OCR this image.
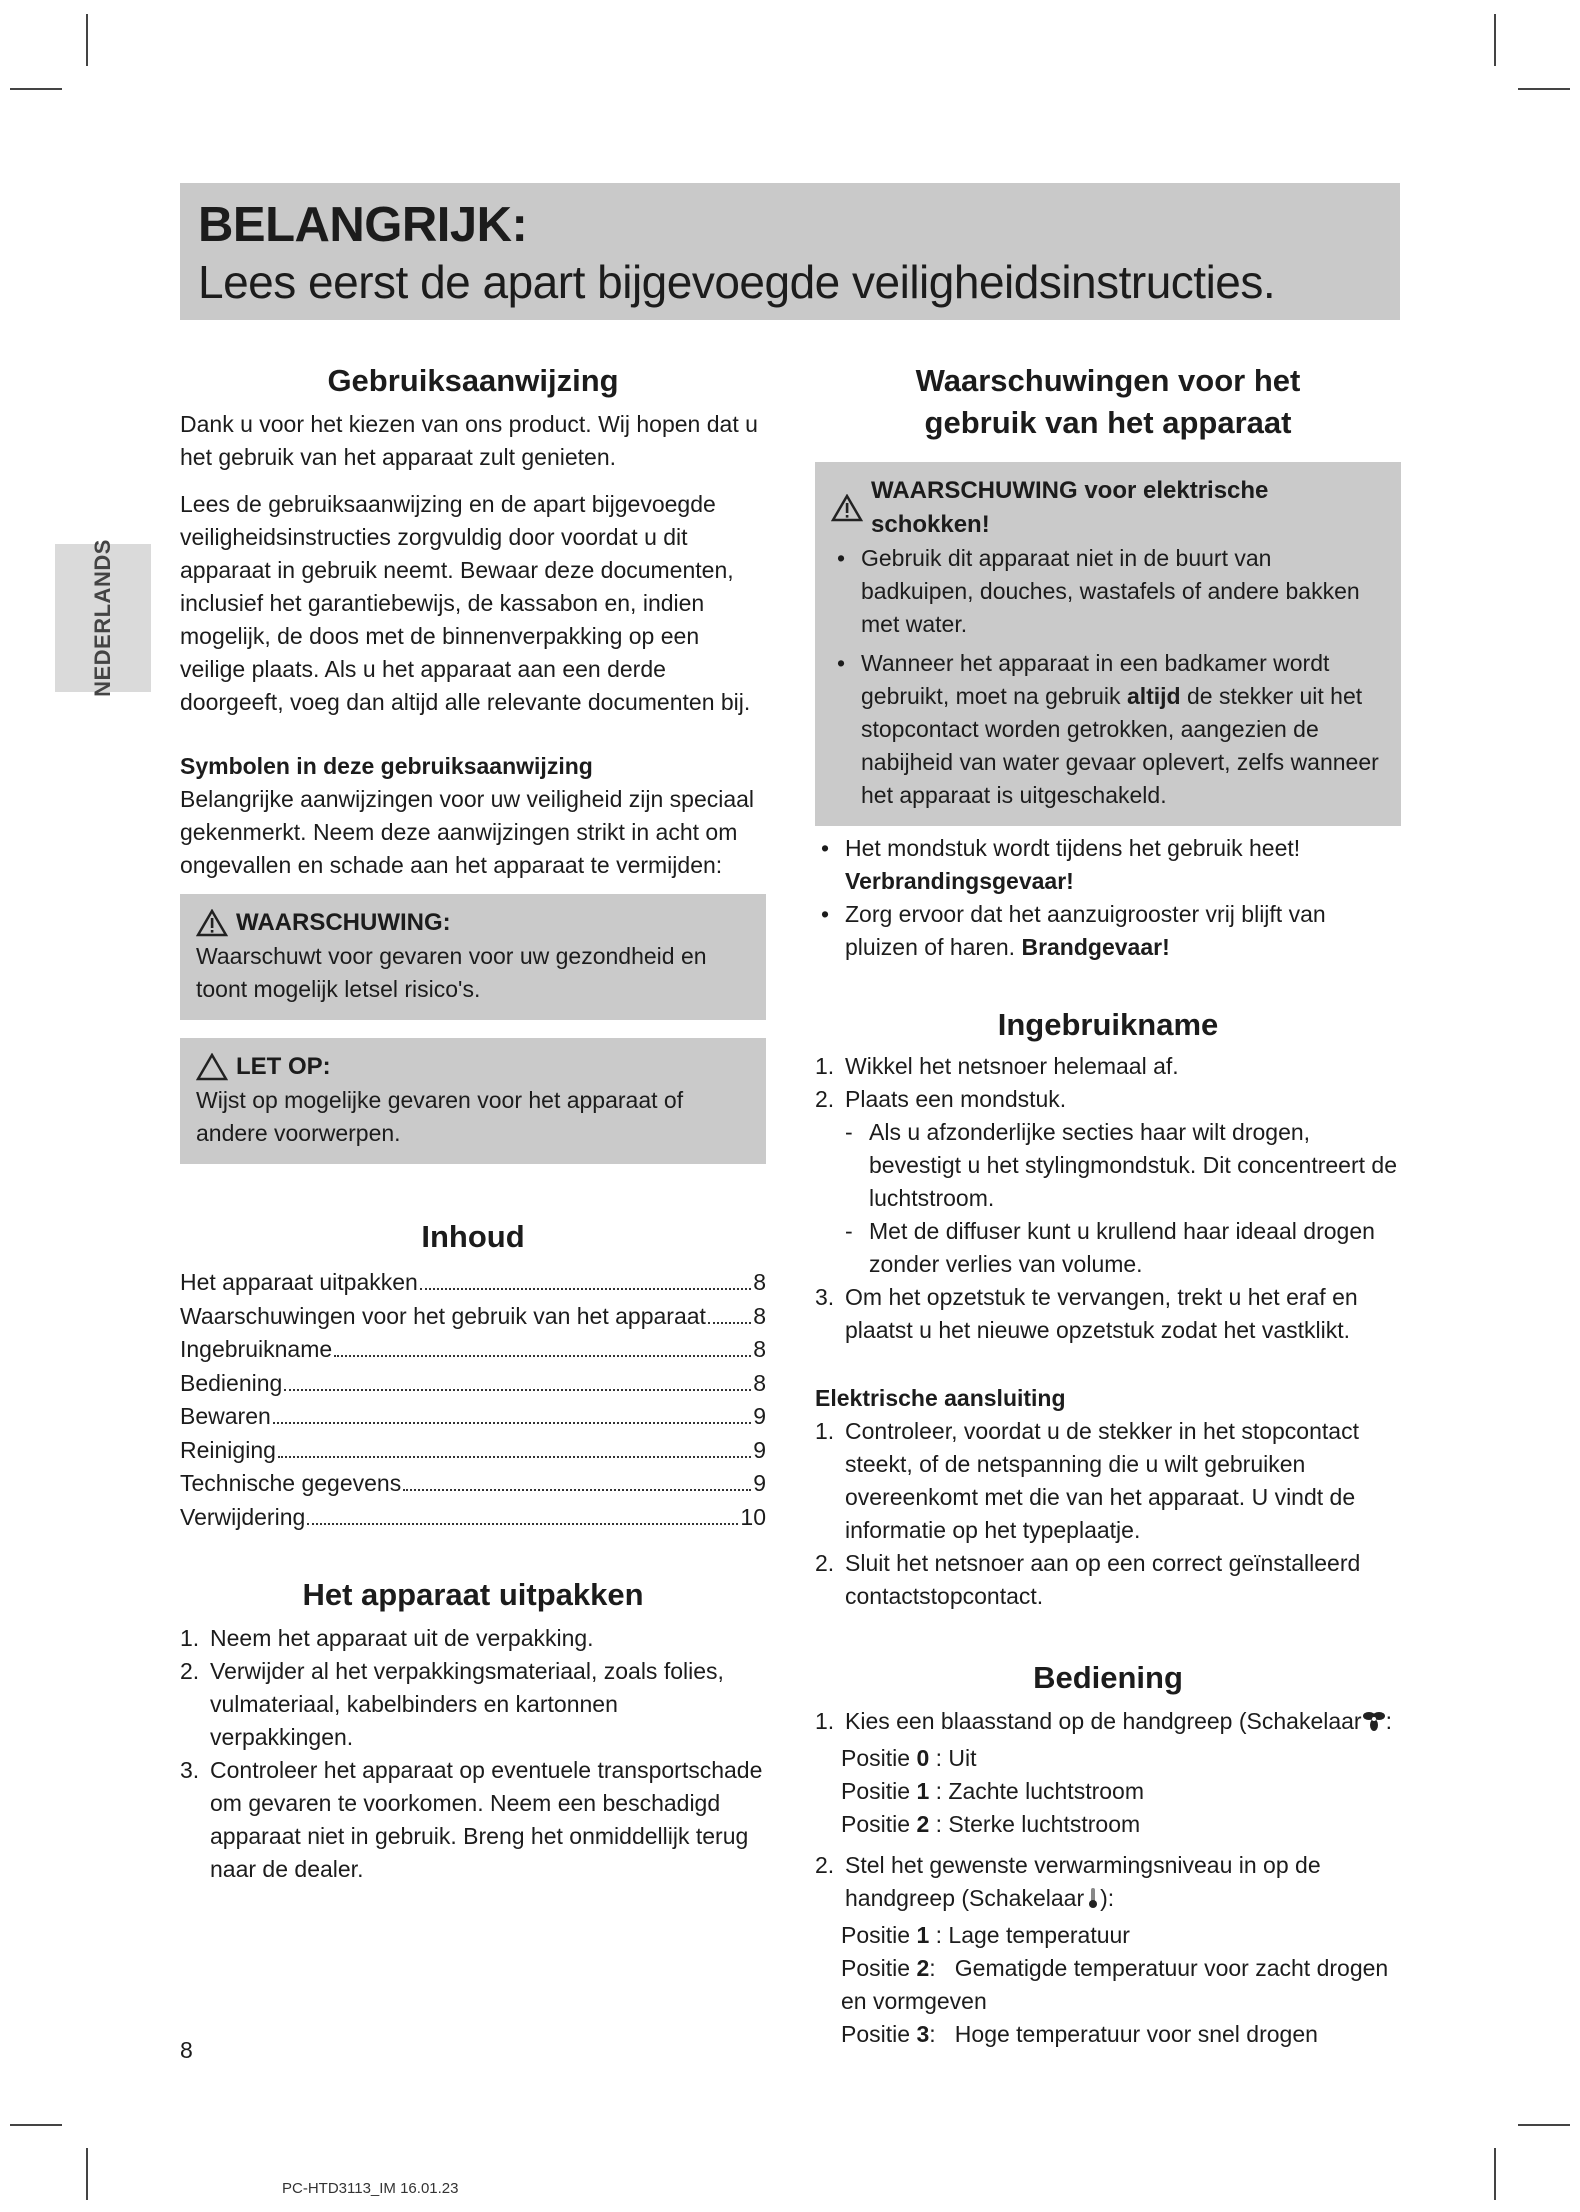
BELANGRIJK:
Lees eerst de apart bijgevoegde veiligheidsinstructies.
NEDERLANDS
Gebruiksaanwijzing

Dank u voor het kiezen van ons product. Wij hopen dat u het gebruik van het apparaat zult genieten.

Lees de gebruiksaanwijzing en de apart bijgevoegde veiligheidsinstructies zorgvuldig door voordat u dit apparaat in gebruik neemt. Bewaar deze documenten, inclusief het garantiebewijs, de kassabon en, indien mogelijk, de doos met de binnenverpakking op een veilige plaats. Als u het apparaat aan een derde doorgeeft, voeg dan altijd alle relevante documenten bij.

Symbolen in deze gebruiksaanwijzing

Belangrijke aanwijzingen voor uw veiligheid zijn speciaal gekenmerkt. Neem deze aanwijzingen strikt in acht om ongevallen en schade aan het apparaat te vermijden:

WAARSCHUWING:

Waarschuwt voor gevaren voor uw gezondheid en toont mogelijk letsel risico's.

LET OP:

Wijst op mogelijke gevaren voor het apparaat of andere voorwerpen.

Inhoud
Het apparaat uitpakken	8
Waarschuwingen voor het gebruik van het apparaat 8
Ingebruikname	8
Bediening	8
Bewaren	9
Reiniging	9
Technische gegevens	9
Verwijdering	10
Het apparaat uitpakken
1. Neem het apparaat uit de verpakking.
2. Verwijder al het verpakkingsmateriaal, zoals folies, vulmateriaal, kabelbinders en kartonnen verpakkingen.
3. Controleer het apparaat op eventuele transportschade om gevaren te voorkomen. Neem een beschadigd apparaat niet in gebruik. Breng het onmiddellijk terug naar de dealer.
Waarschuwingen voor het
gebruik van het apparaat
WAARSCHUWING voor elektrische schokken!
• Gebruik dit apparaat niet in de buurt van badkuipen, douches, wastafels of andere bakken met water.
• Wanneer het apparaat in een badkamer wordt gebruikt, moet na gebruik altijd de stekker uit het stopcontact worden getrokken, aangezien de nabijheid van water gevaar oplevert, zelfs wanneer het apparaat is uitgeschakeld.
• Het mondstuk wordt tijdens het gebruik heet! Verbrandingsgevaar!
• Zorg ervoor dat het aanzuigrooster vrij blijft van pluizen of haren. Brandgevaar!
Ingebruikname
1. Wikkel het netsnoer helemaal af.
2. Plaats een mondstuk.
- Als u afzonderlijke secties haar wilt drogen, bevestigt u het stylingmondstuk. Dit concentreert de luchtstroom.
- Met de diffuser kunt u krullend haar ideaal drogen zonder verlies van volume.
3. Om het opzetstuk te vervangen, trekt u het eraf en plaatst u het nieuwe opzetstuk zodat het vastklikt.
Elektrische aansluiting
1. Controleer, voordat u de stekker in het stopcontact steekt, of de netspanning die u wilt gebruiken overeenkomt met die van het apparaat. U vindt de informatie op het typeplaatje.
2. Sluit het netsnoer aan op een correct geïnstalleerd contactstopcontact.
Bediening
1. Kies een blaasstand op de handgreep (Schakelaar :
Positie 0 : Uit
Positie 1 : Zachte luchtstroom
Positie 2 : Sterke luchtstroom
2. Stel het gewenste verwarmingsniveau in op de handgreep (Schakelaar ):
Positie 1 : Lage temperatuur
Positie 2:   Gematigde temperatuur voor zacht drogen en vormgeven
Positie 3:   Hoge temperatuur voor snel drogen
8
PC-HTD3113_IM 16.01.23
